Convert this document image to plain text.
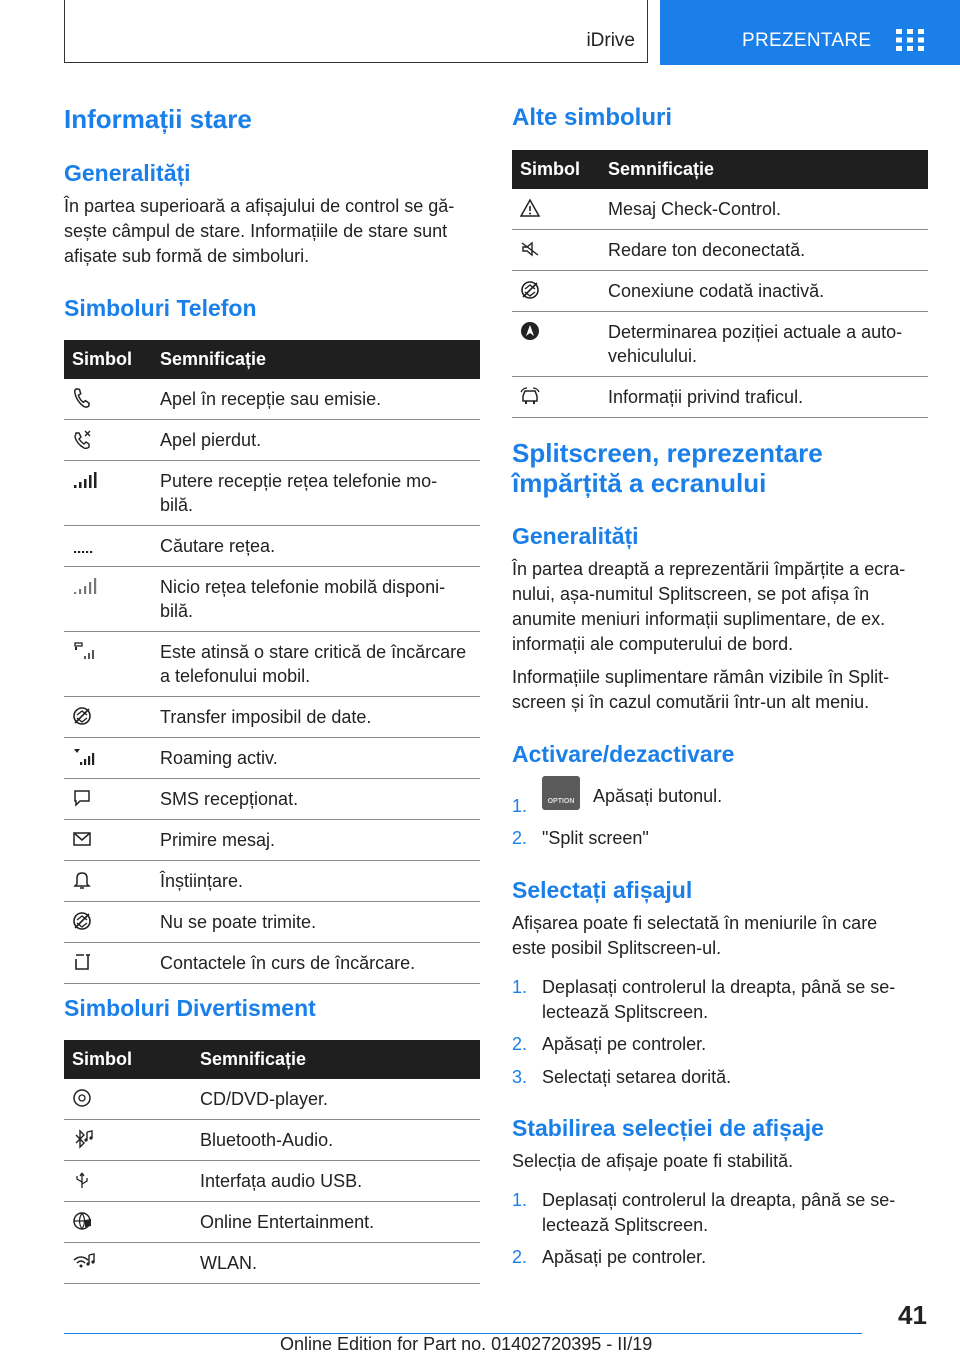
iDrive	PREZENTARE
Informații stare
Generalități

În partea superioară a afișajului de control se gă-
sește câmpul de stare. Informațiile de stare sunt
afișate sub formă de simboluri.

Simboluri Telefon
Simbol	Semnificație

	Apel în recepție sau emisie.

	Apel pierdut.

	Putere recepție rețea telefonie mo-
bilă.

	Căutare rețea.

	Nicio rețea telefonie mobilă disponi-
bilă.

	Este atinsă o stare critică de încărcare
a telefonului mobil.

	Transfer imposibil de date.

	Roaming activ.

	SMS recepționat.

	Primire mesaj.

	Înștiințare.

	Nu se poate trimite.

	Contactele în curs de încărcare.
Simboluri Divertisment
Simbol	Semnificație

	CD/DVD-player.

	Bluetooth-Audio.

	Interfața audio USB.

	Online Entertainment.

	WLAN.
Alte simboluri
Simbol	Semnificație

	Mesaj Check-Control.

	Redare ton deconectată.

	Conexiune codată inactivă.

	Determinarea poziției actuale a auto-
vehiculului.

	Informații privind traficul.
Splitscreen, reprezentare
împărțită a ecranului
Generalități

În partea dreaptă a reprezentării împărțite a ecra-
nului, așa-numitul Splitscreen, se pot afișa în
anumite meniuri informații suplimentare, de ex.
informații ale computerului de bord.

Informațiile suplimentare rămân vizibile în Split-
screen și în cazul comutării într-un alt meniu.

Activare/dezactivare
1.	OPTION Apăsați butonul.
2. "Split screen"
Selectați afișajul

Afișarea poate fi selectată în meniurile în care
este posibil Splitscreen-ul.

1. Deplasați controlerul la dreapta, până se se-
lectează Splitscreen.
2. Apăsați pe controler.
3. Selectați setarea dorită.
Stabilirea selecției de afișaje

Selecția de afișaje poate fi stabilită.

1. Deplasați controlerul la dreapta, până se se-
lectează Splitscreen.
2. Apăsați pe controler.
41
Online Edition for Part no. 01402720395 - II/19
